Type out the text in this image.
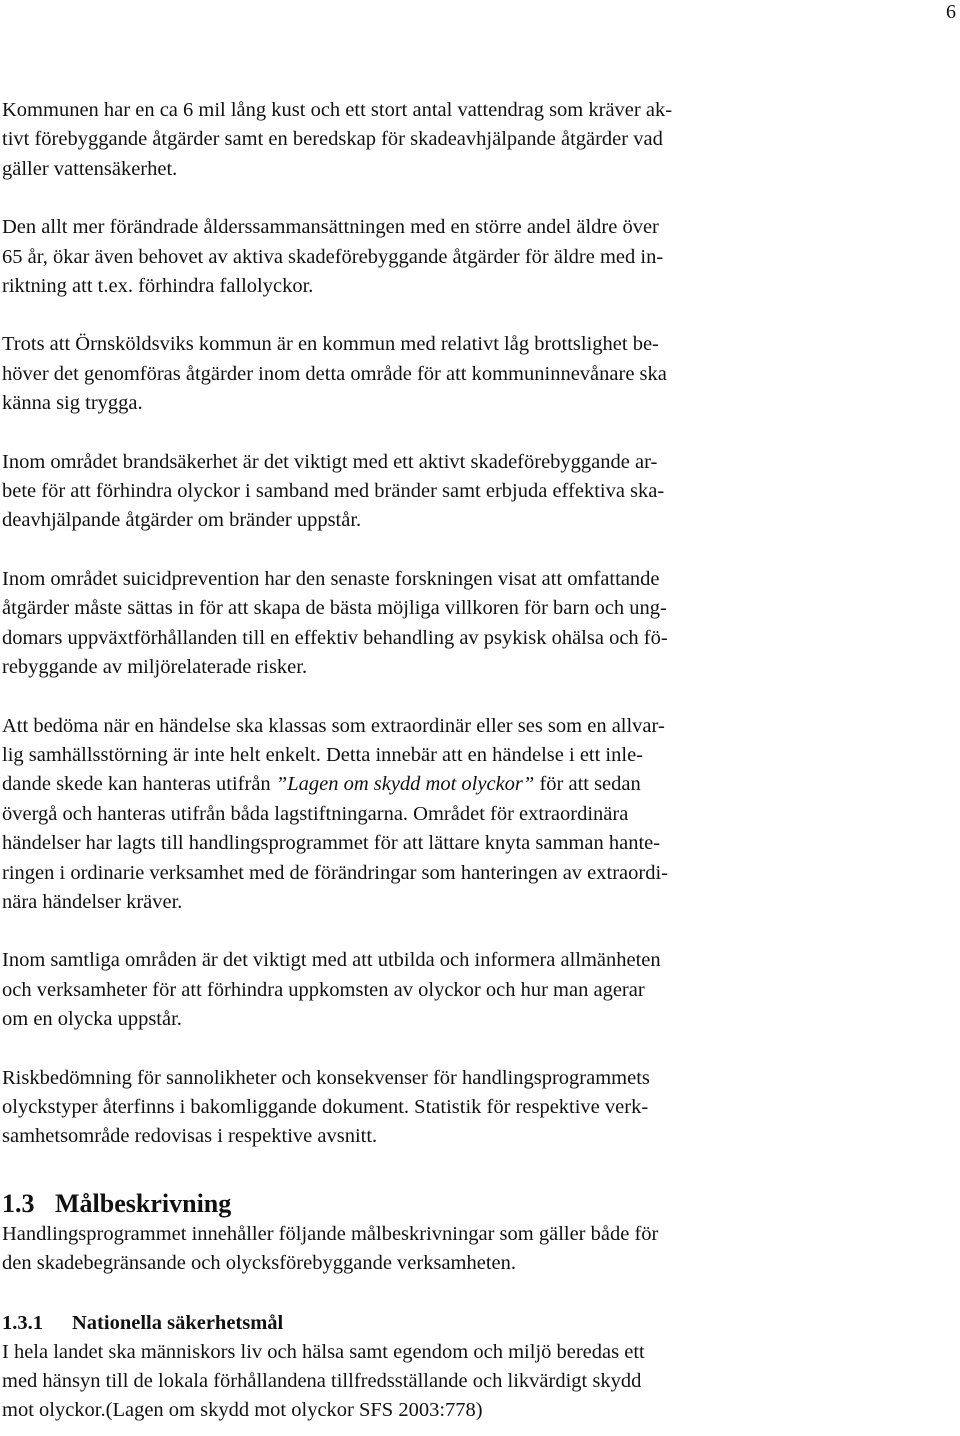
6

Kommunen har en ca 6 mil lång kust och ett stort antal vattendrag som kräver ak-
tivt förebyggande åtgärder samt en beredskap för skadeavhjälpande åtgärder vad
gäller vattensäkerhet.

Den allt mer förändrade ålderssammansättningen med en större andel äldre över
65 år, ökar även behovet av aktiva skadeförebyggande åtgärder för äldre med in-
riktning att t.ex. förhindra fallolyckor.

Trots att Örnsköldsviks kommun är en kommun med relativt låg brottslighet be-
höver det genomföras åtgärder inom detta område för att kommuninnevånare ska
känna sig trygga.

Inom området brandsäkerhet är det viktigt med ett aktivt skadeförebyggande ar-
bete för att förhindra olyckor i samband med bränder samt erbjuda effektiva ska-
deavhjälpande åtgärder om bränder uppstår.

Inom området suicidprevention har den senaste forskningen visat att omfattande
åtgärder måste sättas in för att skapa de bästa möjliga villkoren för barn och ung-
domars uppväxtförhållanden till en effektiv behandling av psykisk ohälsa och fö-
rebyggande av miljörelaterade risker.

Att bedöma när en händelse ska klassas som extraordinär eller ses som en allvar-
lig samhällsstörning är inte helt enkelt. Detta innebär att en händelse i ett inle-
dande skede kan hanteras utifrån ”Lagen om skydd mot olyckor” för att sedan
övergå och hanteras utifrån båda lagstiftningarna. Området för extraordinära
händelser har lagts till handlingsprogrammet för att lättare knyta samman hante-
ringen i ordinarie verksamhet med de förändringar som hanteringen av extraordi-
nära händelser kräver.

Inom samtliga områden är det viktigt med att utbilda och informera allmänheten
och verksamheter för att förhindra uppkomsten av olyckor och hur man agerar
om en olycka uppstår.

Riskbedömning för sannolikheter och konsekvenser för handlingsprogrammets
olyckstyper återfinns i bakomliggande dokument. Statistik för respektive verk-
samhetsområde redovisas i respektive avsnitt.

1.3 Målbeskrivning

Handlingsprogrammet innehåller följande målbeskrivningar som gäller både för
den skadebegränsande och olycksförebyggande verksamheten.

1.3.1 Nationella säkerhetsmål

I hela landet ska människors liv och hälsa samt egendom och miljö beredas ett
med hänsyn till de lokala förhållandena tillfredsställande och likvärdigt skydd
mot olyckor.(Lagen om skydd mot olyckor SFS 2003:778)
